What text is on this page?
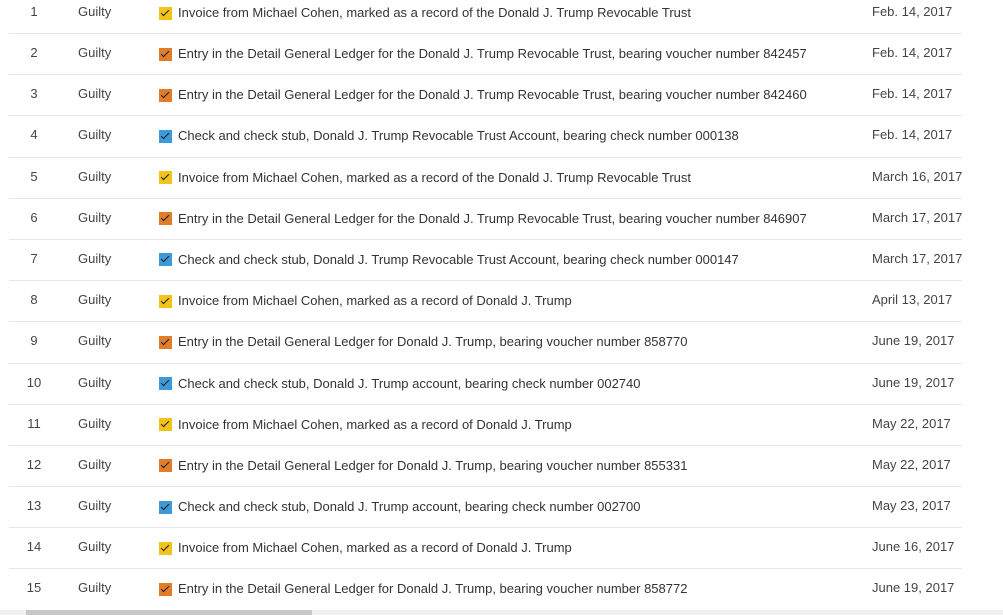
1	Guilty	Invoice from Michael Cohen, marked as a record of the Donald J. Trump Revocable Trust	Feb. 14, 2017
2	Guilty	Entry in the Detail General Ledger for the Donald J. Trump Revocable Trust, bearing voucher number 842457	Feb. 14, 2017
3	Guilty	Entry in the Detail General Ledger for the Donald J. Trump Revocable Trust, bearing voucher number 842460	Feb. 14, 2017
4	Guilty	Check and check stub, Donald J. Trump Revocable Trust Account, bearing check number 000138	Feb. 14, 2017
5	Guilty	Invoice from Michael Cohen, marked as a record of the Donald J. Trump Revocable Trust	March 16, 2017
6	Guilty	Entry in the Detail General Ledger for the Donald J. Trump Revocable Trust, bearing voucher number 846907	March 17, 2017
7	Guilty	Check and check stub, Donald J. Trump Revocable Trust Account, bearing check number 000147	March 17, 2017
8	Guilty	Invoice from Michael Cohen, marked as a record of Donald J. Trump	April 13, 2017
9	Guilty	Entry in the Detail General Ledger for Donald J. Trump, bearing voucher number 858770	June 19, 2017
10	Guilty	Check and check stub, Donald J. Trump account, bearing check number 002740	June 19, 2017
11	Guilty	Invoice from Michael Cohen, marked as a record of Donald J. Trump	May 22, 2017
12	Guilty	Entry in the Detail General Ledger for Donald J. Trump, bearing voucher number 855331	May 22, 2017
13	Guilty	Check and check stub, Donald J. Trump account, bearing check number 002700	May 23, 2017
14	Guilty	Invoice from Michael Cohen, marked as a record of Donald J. Trump	June 16, 2017
15	Guilty	Entry in the Detail General Ledger for Donald J. Trump, bearing voucher number 858772	June 19, 2017
